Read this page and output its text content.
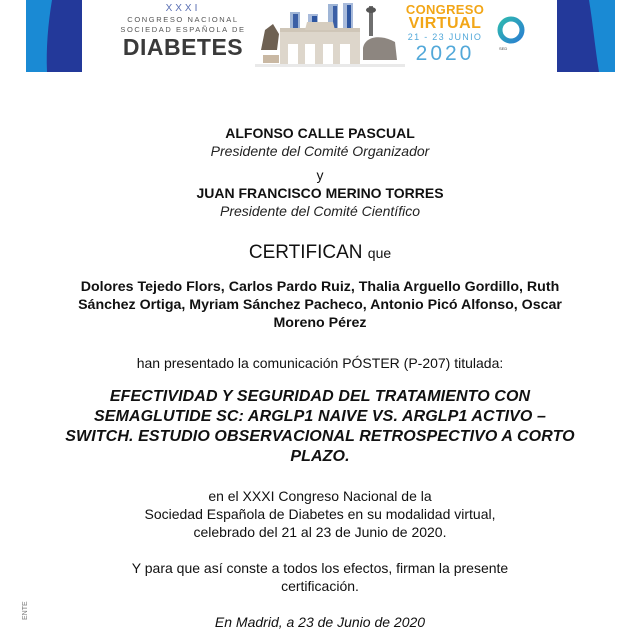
XXXI
CONGRESO NACIONAL
SOCIEDAD ESPAÑOLA DE
DIABETES
CONGRESO
VIRTUAL
21 - 23 JUNIO
2020	SED
ALFONSO CALLE PASCUAL
Presidente del Comité Organizador
y
JUAN FRANCISCO MERINO TORRES
Presidente del Comité Científico
CERTIFICAN que
Dolores Tejedo Flors, Carlos Pardo Ruiz, Thalia Arguello Gordillo, Ruth Sánchez Ortiga, Myriam Sánchez Pacheco, Antonio Picó Alfonso, Oscar Moreno Pérez
han presentado la comunicación PÓSTER (P-207) titulada:
EFECTIVIDAD Y SEGURIDAD DEL TRATAMIENTO CON SEMAGLUTIDE SC: ARGLP1 NAIVE VS. ARGLP1 ACTIVO – SWITCH. ESTUDIO OBSERVACIONAL RETROSPECTIVO A CORTO PLAZO.
en el XXXI Congreso Nacional de la
Sociedad Española de Diabetes en su modalidad virtual,
celebrado del 21 al 23 de Junio de 2020.
Y para que así conste a todos los efectos, firman la presente certificación.
En Madrid, a 23 de Junio de 2020
ENTE
